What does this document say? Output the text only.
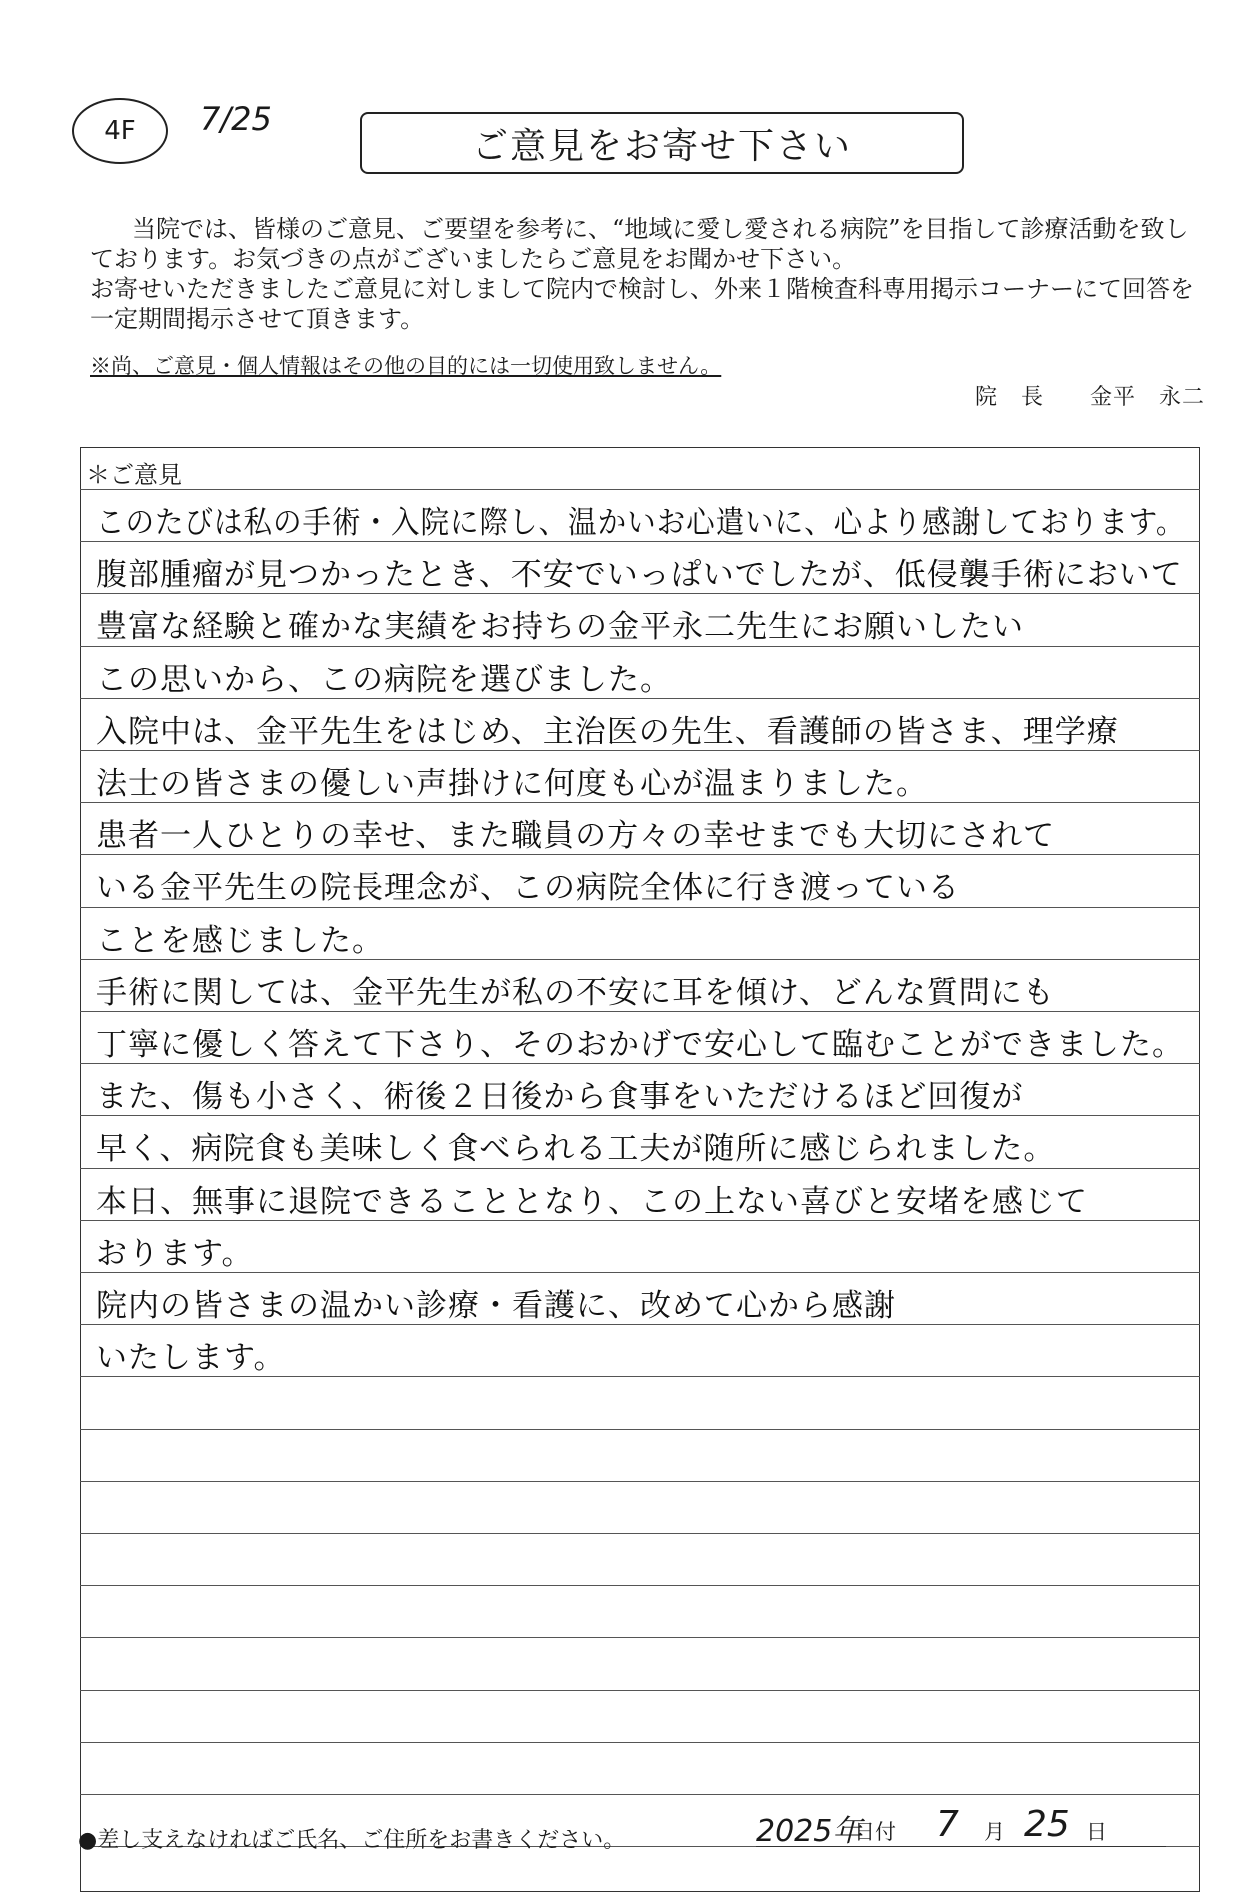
4F 7/25
ご意見をお寄せ下さい

当院では、皆様のご意見、ご要望を参考に、“地域に愛し愛される病院”を目指して診療活動を致しております。お気づきの点がございましたらご意見をお聞かせ下さい。

お寄せいただきましたご意見に対しまして院内で検討し、外来１階検査科専用掲示コーナーにて回答を一定期間掲示させて頂きます。

※尚、ご意見・個人情報はその他の目的には一切使用致しません。
院　長　　 金平　永二
＊ご意見
このたびは私の手術・入院に際し、温かいお心遣いに、心より感謝しております。
腹部腫瘤が見つかったとき、不安でいっぱいでしたが、低侵襲手術において
豊富な経験と確かな実績をお持ちの金平永二先生にお願いしたい
この思いから、この病院を選びました。
入院中は、金平先生をはじめ、主治医の先生、看護師の皆さま、理学療
法士の皆さまの優しい声掛けに何度も心が温まりました。
患者一人ひとりの幸せ、また職員の方々の幸せまでも大切にされて
いる金平先生の院長理念が、この病院全体に行き渡っている
ことを感じました。
手術に関しては、金平先生が私の不安に耳を傾け、どんな質問にも
丁寧に優しく答えて下さり、そのおかげで安心して臨むことができました。
また、傷も小さく、術後２日後から食事をいただけるほど回復が
早く、病院食も美味しく食べられる工夫が随所に感じられました。
本日、無事に退院できることとなり、この上ない喜びと安堵を感じて
おります。
院内の皆さまの温かい診療・看護に、改めて心から感謝
いたします。
●差し支えなければご氏名、ご住所をお書きください。	2025年
日付 7 月 25 日
